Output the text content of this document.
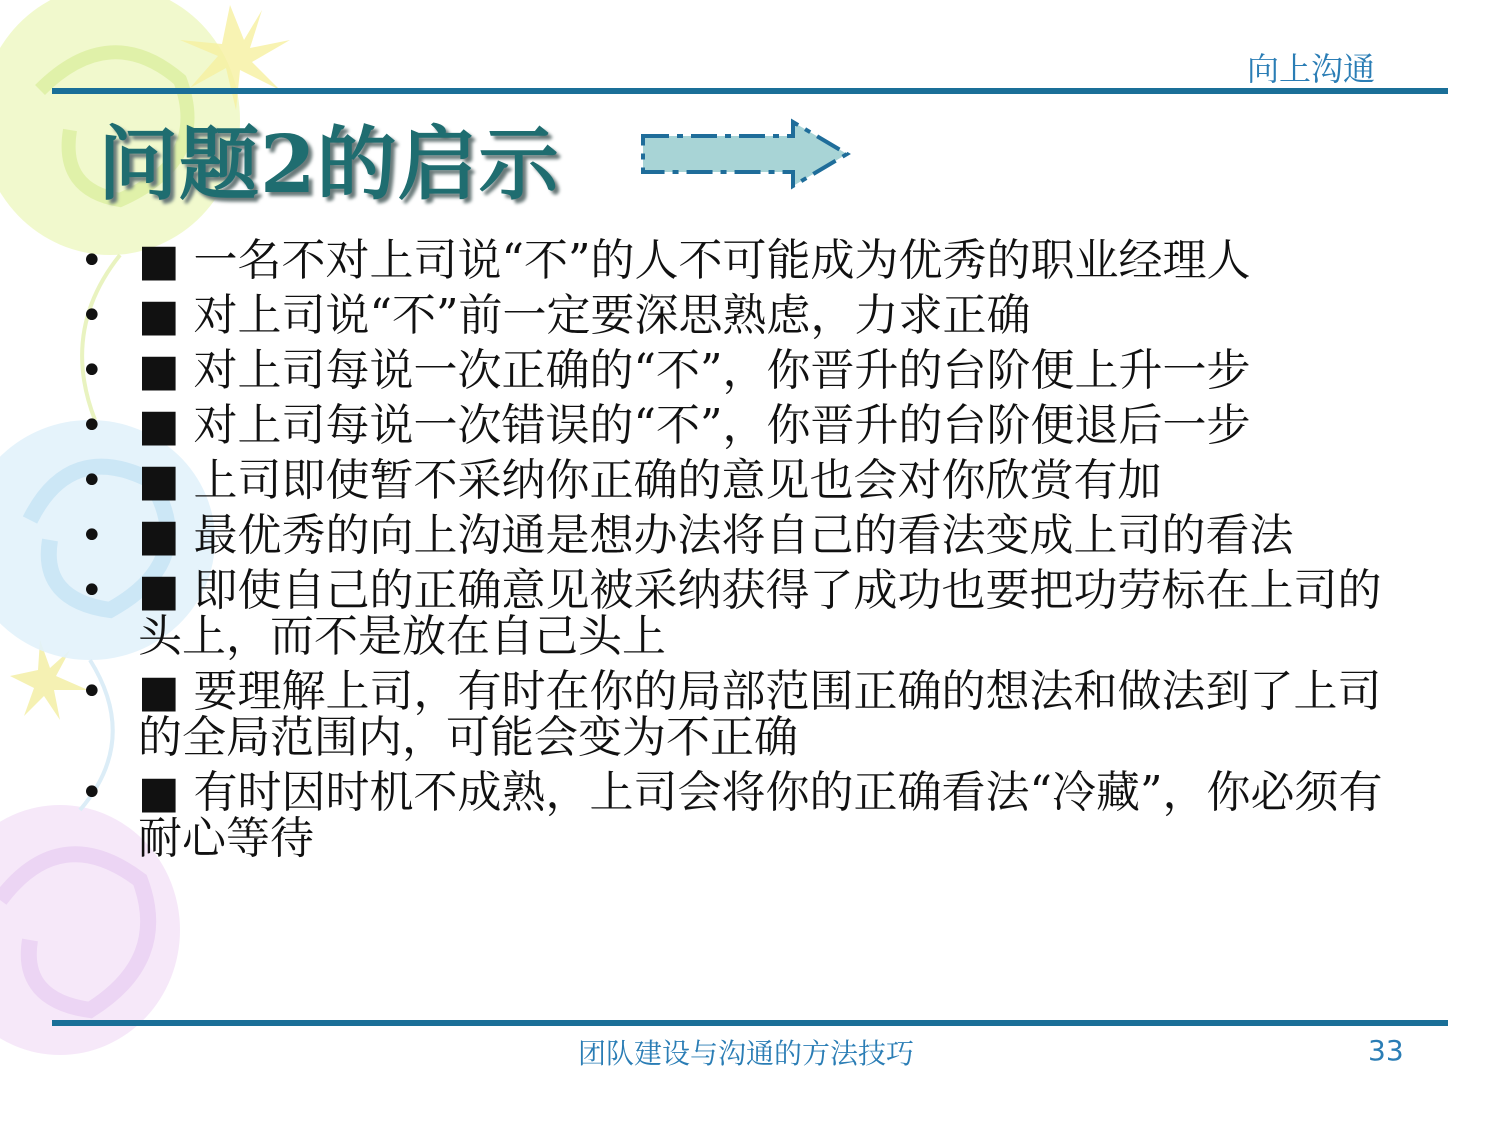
向上沟通
问题2的启示
• ■ 一名不对上司说“不”的人不可能成为优秀的职业经理人
• ■ 对上司说“不”前一定要深思熟虑，力求正确
• ■ 对上司每说一次正确的“不”，你晋升的台阶便上升一步
• ■ 对上司每说一次错误的“不”，你晋升的台阶便退后一步
• ■ 上司即使暂不采纳你正确的意见也会对你欣赏有加
• ■ 最优秀的向上沟通是想办法将自己的看法变成上司的看法
• ■ 即使自己的正确意见被采纳获得了成功也要把功劳标在上司的头上，而不是放在自己头上
• ■ 要理解上司，有时在你的局部范围正确的想法和做法到了上司的全局范围内，可能会变为不正确
• ■ 有时因时机不成熟，上司会将你的正确看法“冷藏”，你必须有耐心等待
团队建设与沟通的方法技巧	33
